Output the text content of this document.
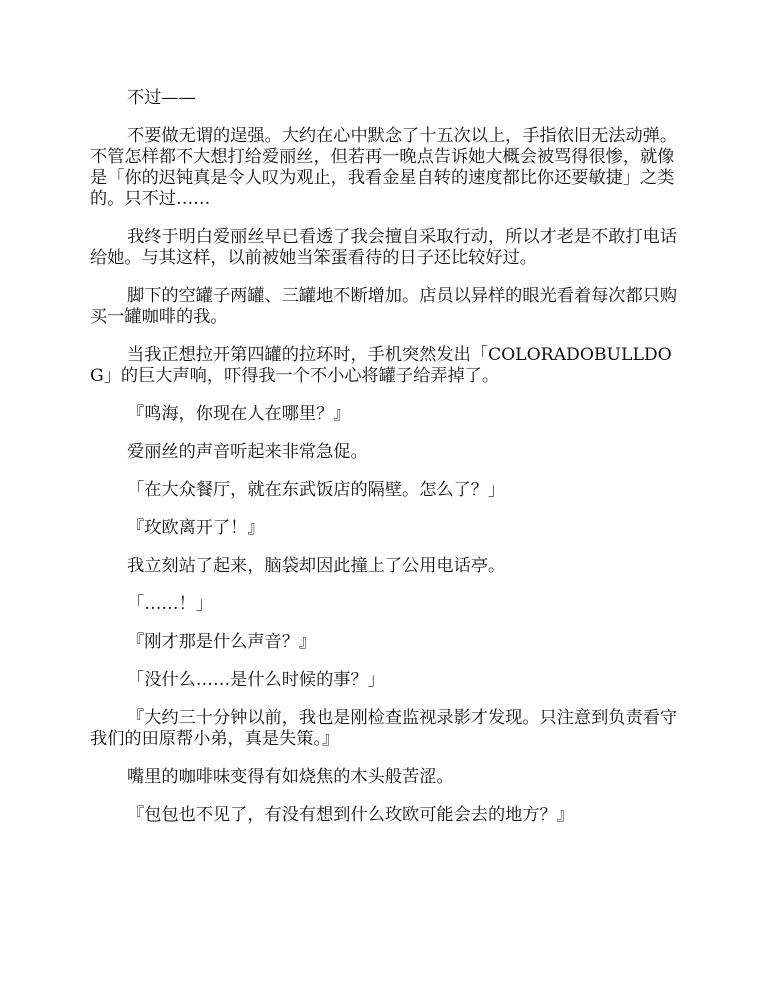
不过——

不要做无谓的逞强。大约在心中默念了十五次以上，手指依旧无法动弹。不管怎样都不大想打给爱丽丝，但若再一晚点告诉她大概会被骂得很惨，就像是「你的迟钝真是令人叹为观止，我看金星自转的速度都比你还要敏捷」之类的。只不过……

我终于明白爱丽丝早已看透了我会擅自采取行动，所以才老是不敢打电话给她。与其这样，以前被她当笨蛋看待的日子还比较好过。

脚下的空罐子两罐、三罐地不断增加。店员以异样的眼光看着每次都只购买一罐咖啡的我。

当我正想拉开第四罐的拉环时，手机突然发出「COLORADOBULLDOG」的巨大声响，吓得我一个不小心将罐子给弄掉了。

『鸣海，你现在人在哪里？』

爱丽丝的声音听起来非常急促。

「在大众餐厅，就在东武饭店的隔壁。怎么了？」

『玫欧离开了！』

我立刻站了起来，脑袋却因此撞上了公用电话亭。

「……！」

『刚才那是什么声音？』

「没什么……是什么时候的事？」

『大约三十分钟以前，我也是刚检查监视录影才发现。只注意到负责看守我们的田原帮小弟，真是失策。』

嘴里的咖啡味变得有如烧焦的木头般苦涩。

『包包也不见了，有没有想到什么玫欧可能会去的地方？』
